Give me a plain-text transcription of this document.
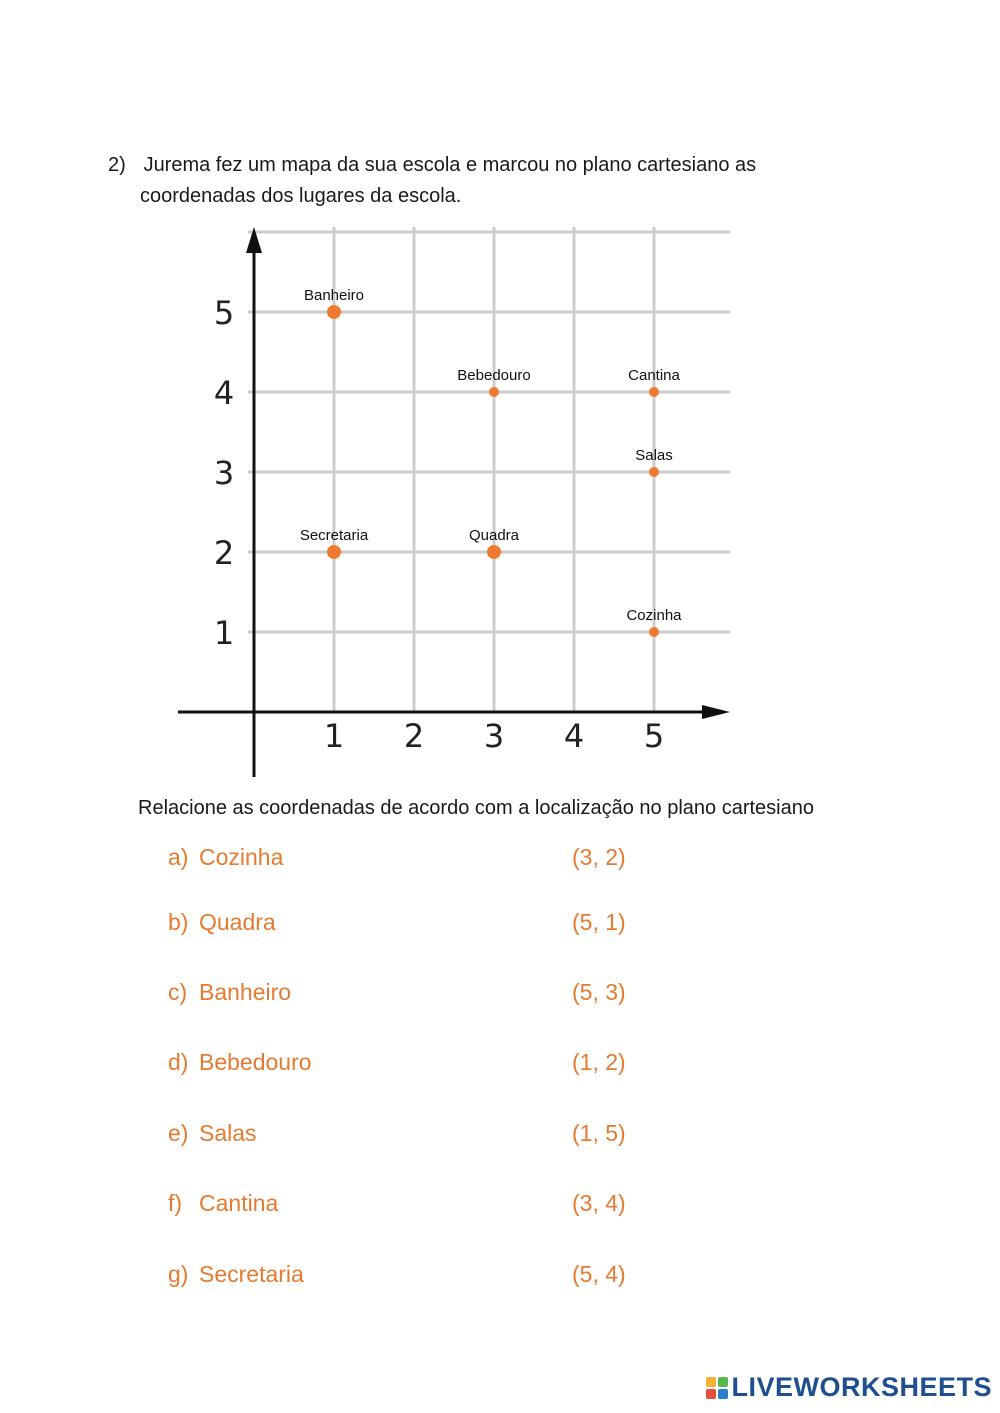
2) Jurema fez um mapa da sua escola e marcou no plano cartesiano as
coordenadas dos lugares da escola.
1 2 3 4 5
1
2
3
4
5	Banheiro
Bebedouro	Cantina
Salas
Secretaria	Quadra
Cozinha
Relacione as coordenadas de acordo com a localização no plano cartesiano
a) Cozinha	(3, 2)
b) Quadra	(5, 1)
c) Banheiro	(5, 3)
d) Bebedouro	(1, 2)
e) Salas	(1, 5)
f) Cantina	(3, 4)
g) Secretaria	(5, 4)
LIVEWORKSHEETS
